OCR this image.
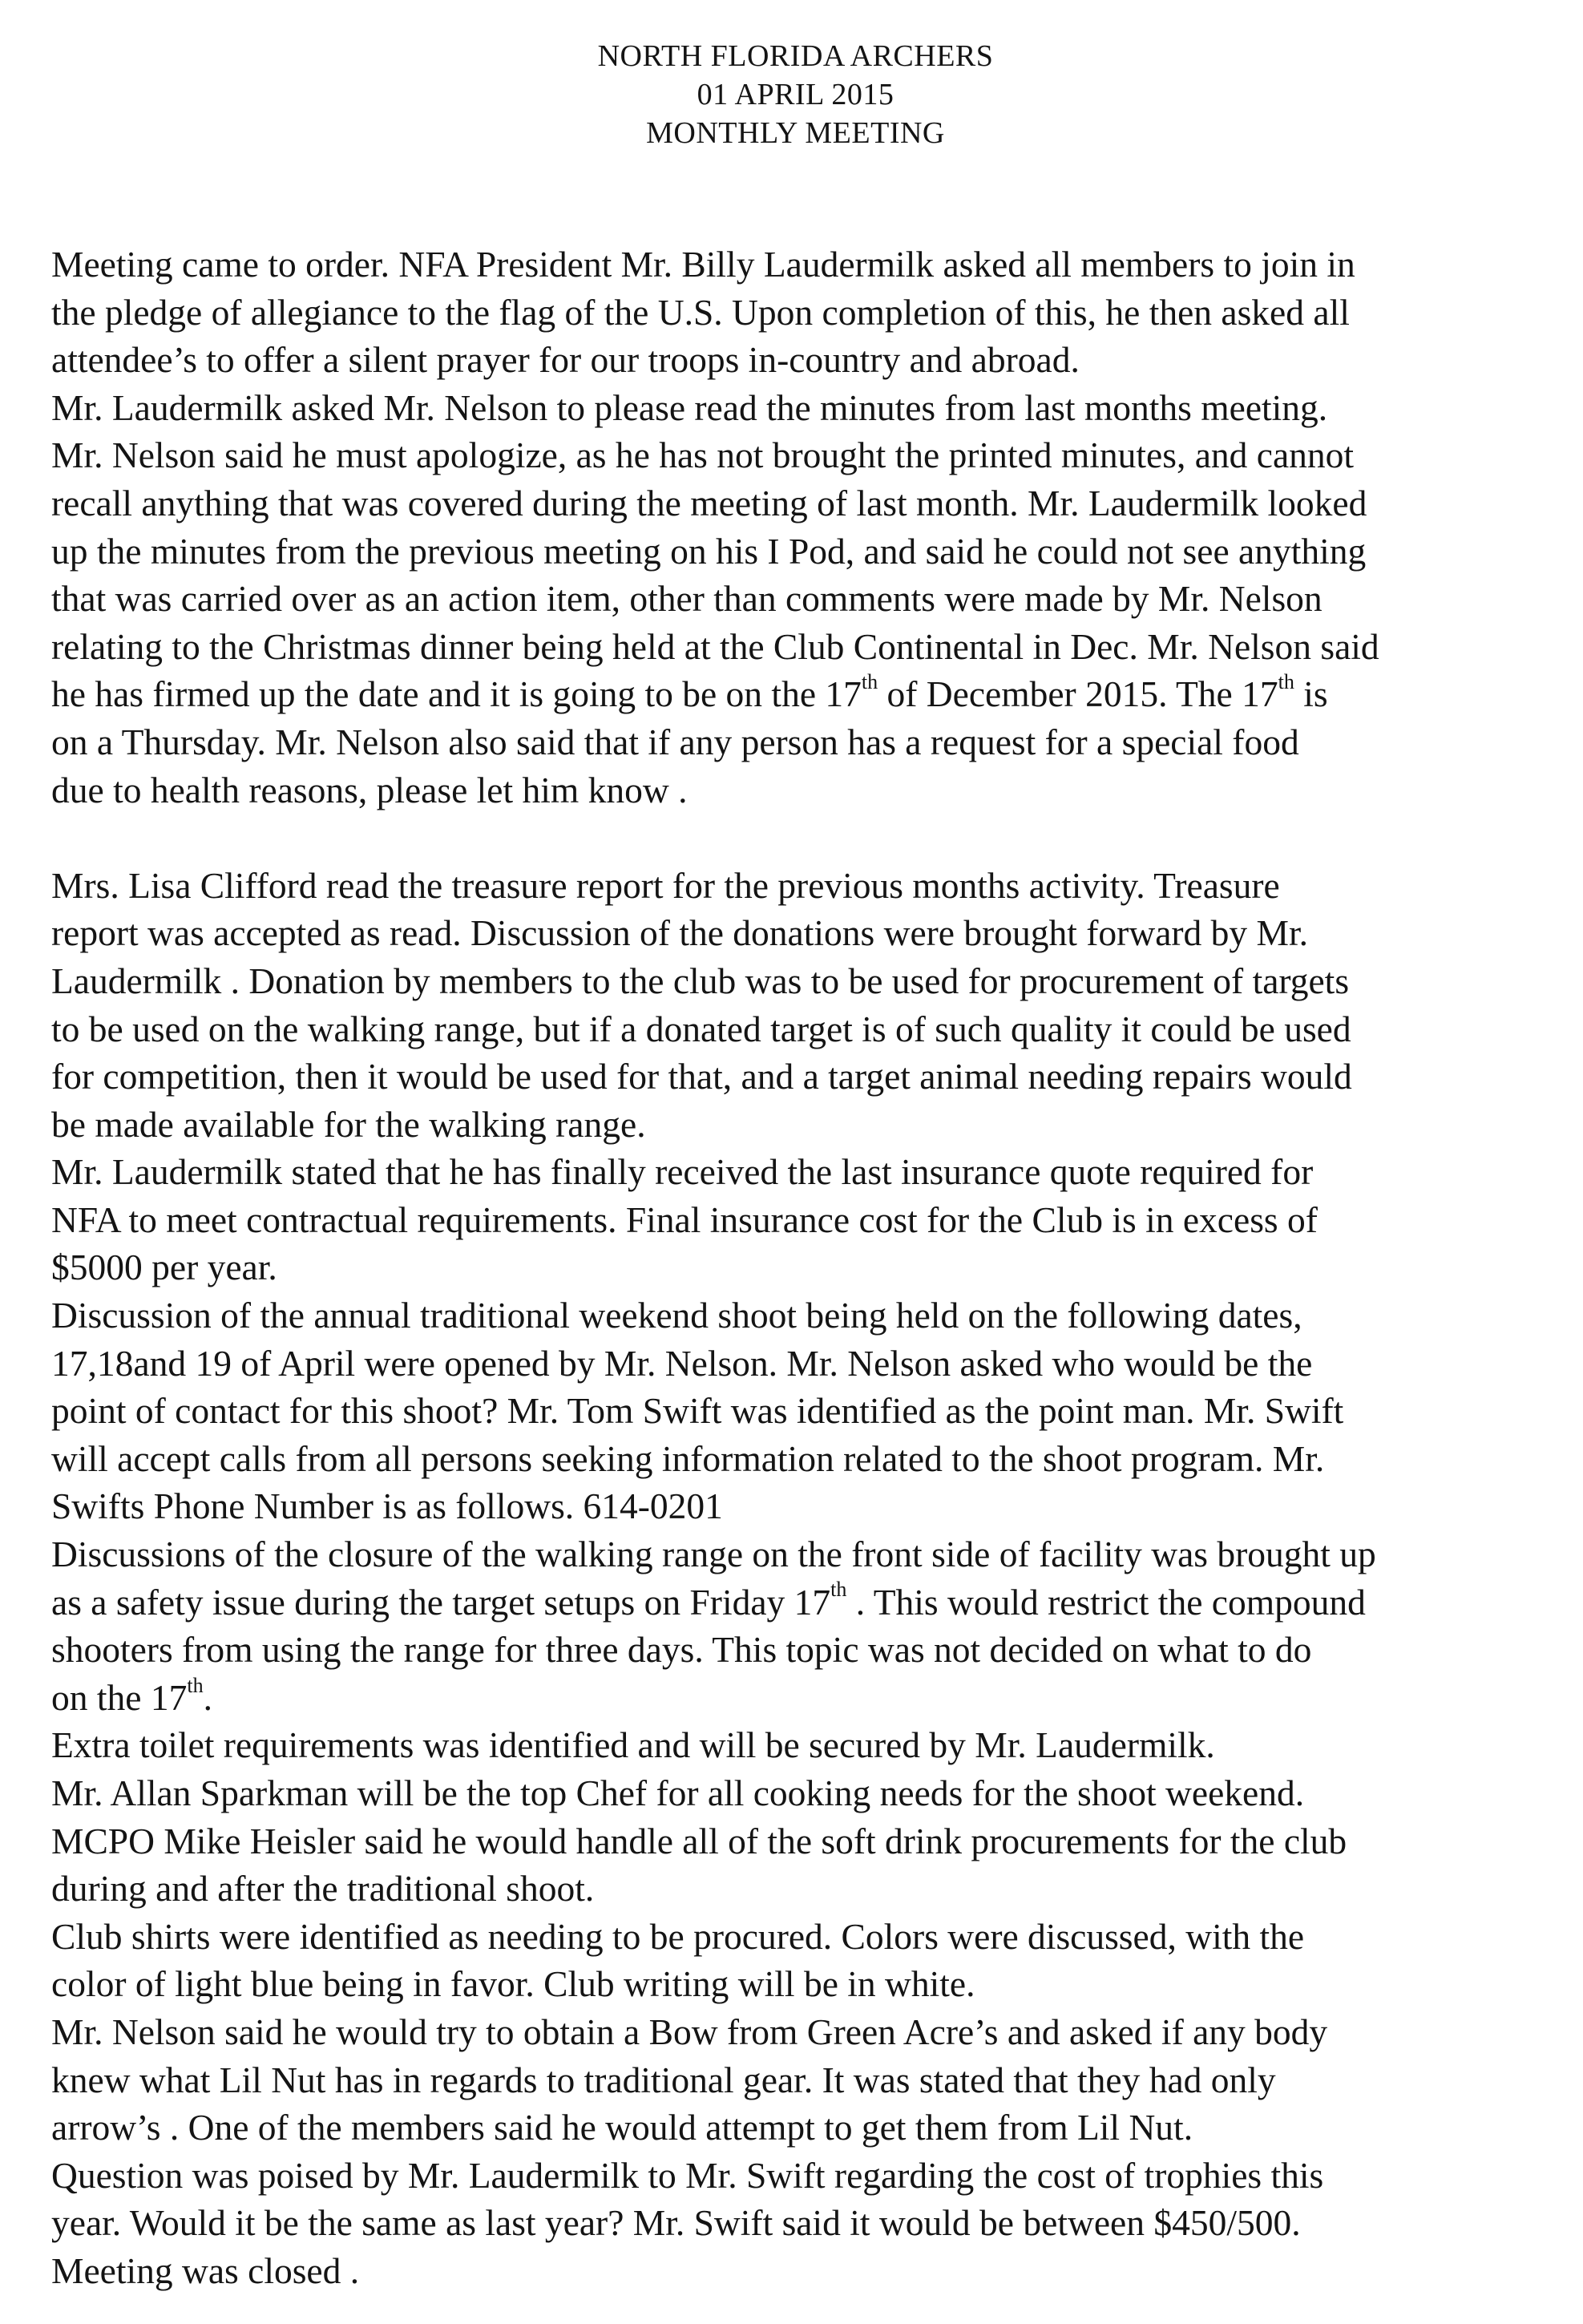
NORTH FLORIDA ARCHERS
01 APRIL 2015
MONTHLY MEETING
Meeting came to order. NFA President Mr. Billy Laudermilk asked all members to join in
the pledge of allegiance to the flag of the U.S. Upon completion of this, he then asked all
attendee’s to offer a silent prayer for our troops in-country and abroad.
Mr. Laudermilk asked Mr. Nelson to please read the minutes from last months meeting.
Mr. Nelson said he must apologize, as he has not brought the printed minutes, and cannot
recall anything that was covered during the meeting of last month. Mr. Laudermilk looked
up the minutes from the previous meeting on his I Pod, and said he could not see anything
that was carried over as an action item, other than comments were made by Mr. Nelson
relating to the Christmas dinner being held at the Club Continental in Dec. Mr. Nelson said
he has firmed up the date and it is going to be on the 17th of December 2015. The 17th is
on a Thursday. Mr. Nelson also said that if any person has a request for a special food
due to health reasons, please let him know .
Mrs. Lisa Clifford read the treasure report for the previous months activity. Treasure
report was accepted as read. Discussion of the donations were brought forward by Mr.
Laudermilk . Donation by members to the club was to be used for procurement of targets
to be used on the walking range, but if a donated target is of such quality it could be used
for competition, then it would be used for that, and a target animal needing repairs would
be made available for the walking range.
Mr. Laudermilk stated that he has finally received the last insurance quote required for
NFA to meet contractual requirements. Final insurance cost for the Club is in excess of
$5000 per year.
Discussion of the annual traditional weekend shoot being held on the following dates,
17,18and 19 of April were opened by Mr. Nelson. Mr. Nelson asked who would be the
point of contact for this shoot? Mr. Tom Swift was identified as the point man. Mr. Swift
will accept calls from all persons seeking information related to the shoot program. Mr.
Swifts Phone Number is as follows. 614-0201
Discussions of the closure of the walking range on the front side of facility was brought up
as a safety issue during the target setups on Friday 17th . This would restrict the compound
shooters from using the range for three days. This topic was not decided on what to do
on the 17th.
Extra toilet requirements was identified and will be secured by Mr. Laudermilk.
Mr. Allan Sparkman will be the top Chef for all cooking needs for the shoot weekend.
MCPO Mike Heisler said he would handle all of the soft drink procurements for the club
during and after the traditional shoot.
Club shirts were identified as needing to be procured. Colors were discussed, with the
color of light blue being in favor. Club writing will be in white.
Mr. Nelson said he would try to obtain a Bow from Green Acre’s and asked if any body
knew what Lil Nut has in regards to traditional gear. It was stated that they had only
arrow’s . One of the members said he would attempt to get them from Lil Nut.
Question was poised by Mr. Laudermilk to Mr. Swift regarding the cost of trophies this
year. Would it be the same as last year? Mr. Swift said it would be between $450/500.
Meeting was closed .
